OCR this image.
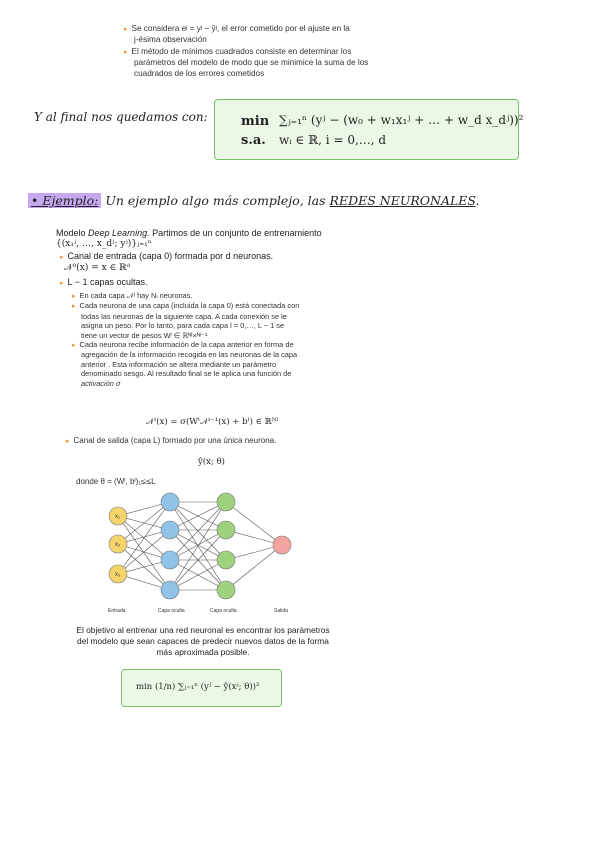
▸ Se considera eʲ = yʲ − ŷʲ, el error cometido por el ajuste en la
j-ésima observación
▸ El método de mínimos cuadrados consiste en determinar los
parámetros del modelo de modo que se minimice la suma de los
cuadrados de los errores cometidos
Y al final nos quedamos con:	min ∑ⱼ₌₁ⁿ (yʲ − (w₀ + w₁x₁ʲ + … + w_d x_dʲ))²
s.a. wᵢ ∈ ℝ, i = 0,…, d
• Ejemplo: Un ejemplo algo más complejo, las REDES NEURONALES.
Modelo Deep Learning. Partimos de un conjunto de entrenamiento
{(x₁ʲ, …, x_dʲ; yʲ)}ⱼ₌₁ⁿ
▸ Canal de entrada (capa 0) formada por d neuronas.
𝒩⁰(x) = x ∈ ℝᵈ
▸ L − 1 capas ocultas.
▸ En cada capa 𝒩ˡ hay Nₗ neuronas.
▸ Cada neurona de una capa (incluida la capa 0) está conectada con
todas las neuronas de la siguiente capa. A cada conexión se le
asigna un peso. Por lo tanto, para cada capa l = 0,…, L − 1 se
tiene un vector de pesos Wˡ ∈ ℝᴺˡ×ᴺˡ⁻¹
▸ Cada neurona recibe información de la capa anterior en forma de
agregación de la información recogida en las neuronas de la capa
anterior . Esta información se altera mediante un parámetro
denominado sesgo. Al resultado final se le aplica una función de
activación σ
𝒩ˡ(x) = σ(Wˡ𝒩ˡ⁻¹(x) + bˡ) ∈ ℝᴺˡ
▸ Canal de salida (capa L) formado por una única neurona.
ŷ(x; θ)
donde θ = (Wˡ, bˡ)₁≤ₗ≤L
x₁
x₂
x₃
Entrada	Capa oculta	Capa oculta	Salida
El objetivo al entrenar una red neuronal es encontrar los parámetros
del modelo que sean capaces de predecir nuevos datos de la forma
más aproximada posible.
min (1/n) ∑ⱼ₌₁ⁿ (yʲ − ŷ(xʲ; θ))²
